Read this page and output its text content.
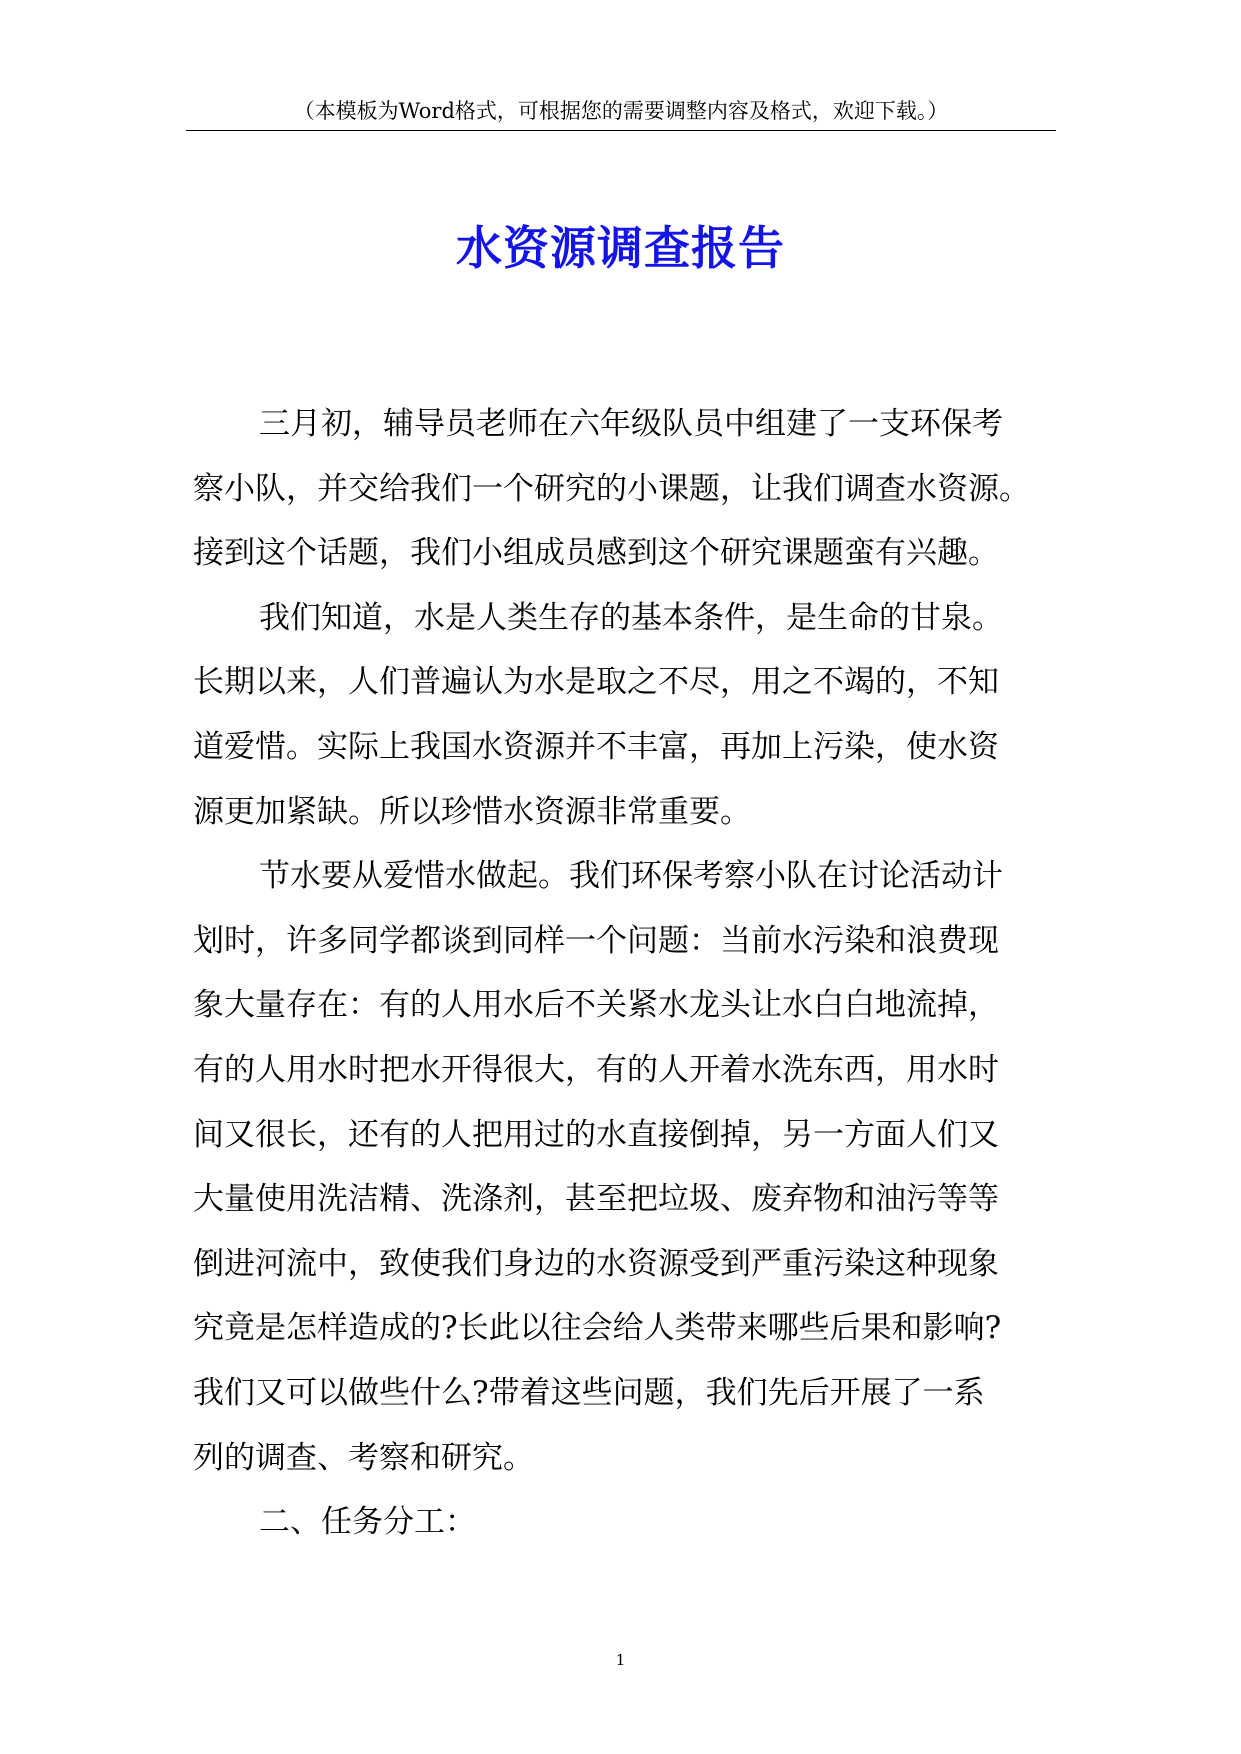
（本模板为Word格式，可根据您的需要调整内容及格式，欢迎下载。）
水资源调查报告
三月初，辅导员老师在六年级队员中组建了一支环保考
察小队，并交给我们一个研究的小课题，让我们调查水资源。
接到这个话题，我们小组成员感到这个研究课题蛮有兴趣。
我们知道，水是人类生存的基本条件，是生命的甘泉。
长期以来，人们普遍认为水是取之不尽，用之不竭的，不知
道爱惜。实际上我国水资源并不丰富，再加上污染，使水资
源更加紧缺。所以珍惜水资源非常重要。
节水要从爱惜水做起。我们环保考察小队在讨论活动计
划时，许多同学都谈到同样一个问题：当前水污染和浪费现
象大量存在：有的人用水后不关紧水龙头让水白白地流掉，
有的人用水时把水开得很大，有的人开着水洗东西，用水时
间又很长，还有的人把用过的水直接倒掉，另一方面人们又
大量使用洗洁精、洗涤剂，甚至把垃圾、废弃物和油污等等
倒进河流中，致使我们身边的水资源受到严重污染这种现象
究竟是怎样造成的?长此以往会给人类带来哪些后果和影响?
我们又可以做些什么?带着这些问题，我们先后开展了一系
列的调查、考察和研究。
二、任务分工：
1
